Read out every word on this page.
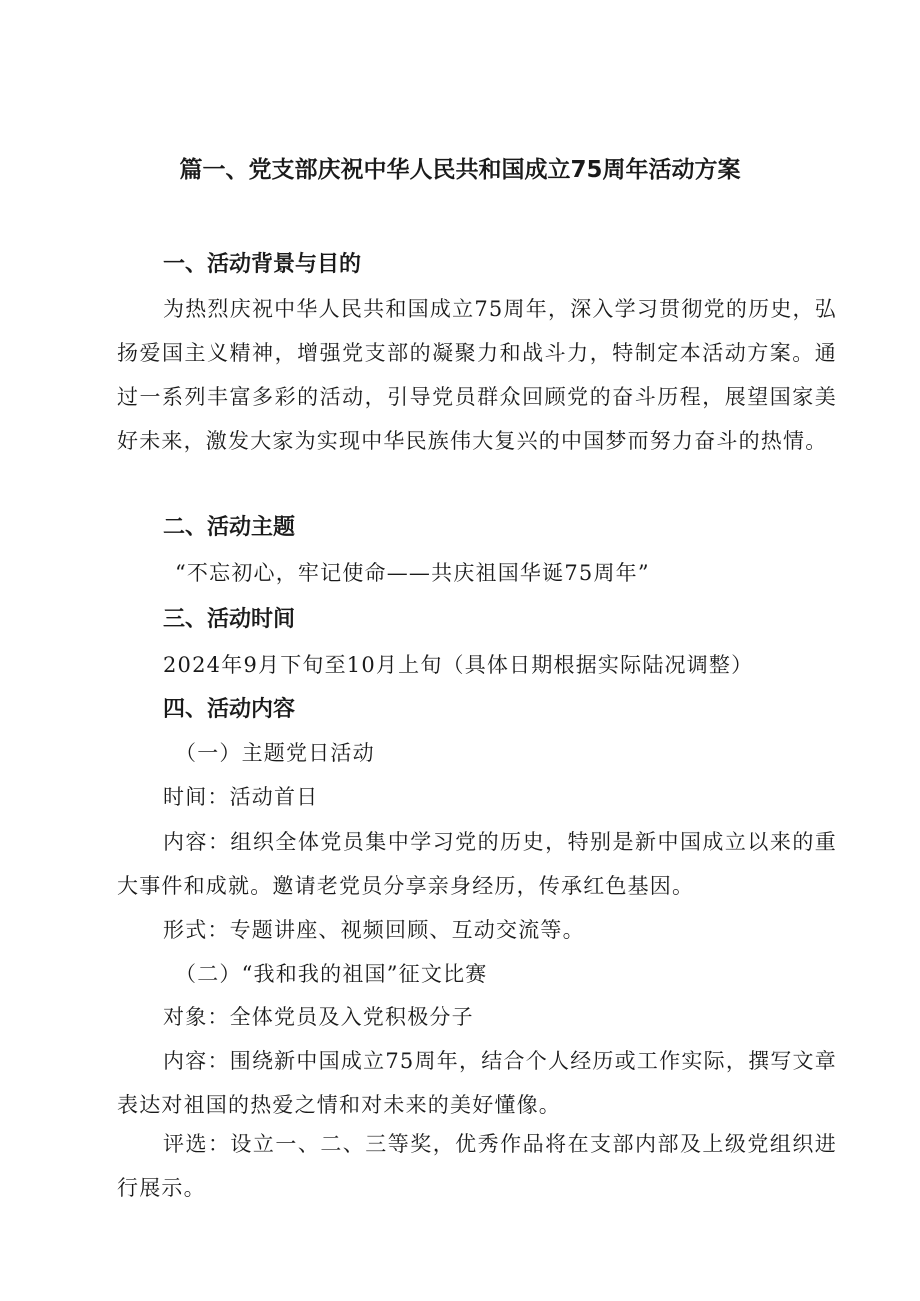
篇一、党支部庆祝中华人民共和国成立75周年活动方案
一、活动背景与目的

为热烈庆祝中华人民共和国成立75周年，深入学习贯彻党的历史，弘扬爱国主义精神，增强党支部的凝聚力和战斗力，特制定本活动方案。通过一系列丰富多彩的活动，引导党员群众回顾党的奋斗历程，展望国家美好未来，激发大家为实现中华民族伟大复兴的中国梦而努力奋斗的热情。

二、活动主题

“不忘初心，牢记使命——共庆祖国华诞75周年”

三、活动时间

2024年9月下旬至10月上旬（具体日期根据实际陆况调整）

四、活动内容

（一）主题党日活动

时间：活动首日

内容：组织全体党员集中学习党的历史，特别是新中国成立以来的重大事件和成就。邀请老党员分享亲身经历，传承红色基因。

形式：专题讲座、视频回顾、互动交流等。

（二）“我和我的祖国”征文比赛

对象：全体党员及入党积极分子

内容：围绕新中国成立75周年，结合个人经历或工作实际，撰写文章表达对祖国的热爱之情和对未来的美好懂像。

评选：设立一、二、三等奖，优秀作品将在支部内部及上级党组织进行展示。
